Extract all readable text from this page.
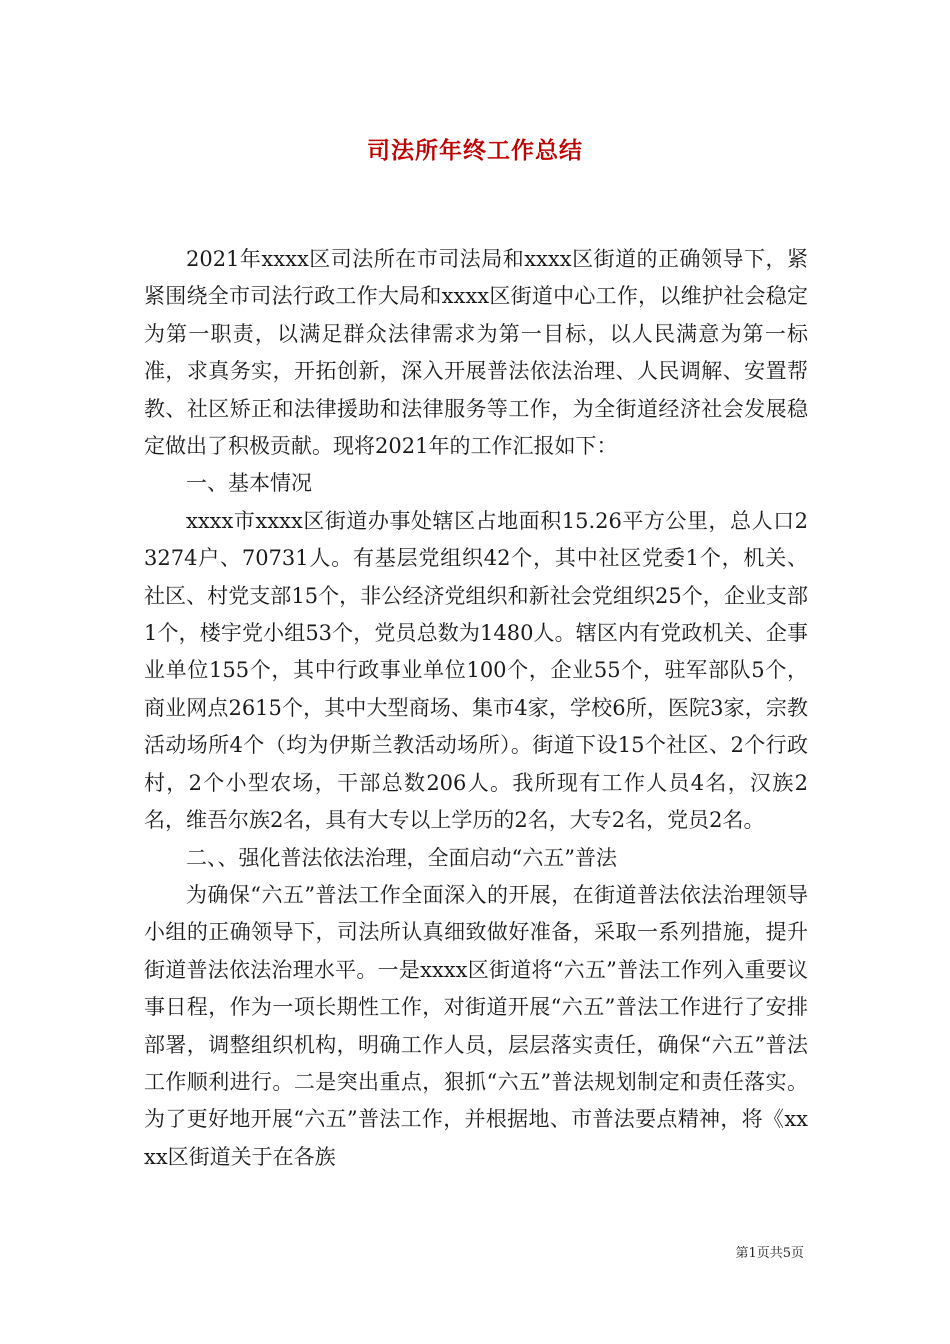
司法所年终工作总结

2021年xxxx区司法所在市司法局和xxxx区街道的正确领导下，紧紧围绕全市司法行政工作大局和xxxx区街道中心工作，以维护社会稳定为第一职责，以满足群众法律需求为第一目标，以人民满意为第一标准，求真务实，开拓创新，深入开展普法依法治理、人民调解、安置帮教、社区矫正和法律援助和法律服务等工作，为全街道经济社会发展稳定做出了积极贡献。现将2021年的工作汇报如下：

一、基本情况

xxxx市xxxx区街道办事处辖区占地面积15.26平方公里，总人口23274户、70731人。有基层党组织42个，其中社区党委1个，机关、社区、村党支部15个，非公经济党组织和新社会党组织25个，企业支部1个，楼宇党小组53个，党员总数为1480人。辖区内有党政机关、企事业单位155个，其中行政事业单位100个，企业55个，驻军部队5个，商业网点2615个，其中大型商场、集市4家，学校6所，医院3家，宗教活动场所4个（均为伊斯兰教活动场所）。街道下设15个社区、2个行政村，2个小型农场，干部总数206人。我所现有工作人员4名，汉族2名，维吾尔族2名，具有大专以上学历的2名，大专2名，党员2名。

二、、强化普法依法治理，全面启动“六五”普法

为确保“六五”普法工作全面深入的开展，在街道普法依法治理领导小组的正确领导下，司法所认真细致做好准备，采取一系列措施，提升街道普法依法治理水平。一是xxxx区街道将“六五”普法工作列入重要议事日程，作为一项长期性工作，对街道开展“六五”普法工作进行了安排部署，调整组织机构，明确工作人员，层层落实责任，确保“六五”普法工作顺利进行。二是突出重点，狠抓“六五”普法规划制定和责任落实。为了更好地开展“六五”普法工作，并根据地、市普法要点精神，将《xxxx区街道关于在各族

第1页共5页
